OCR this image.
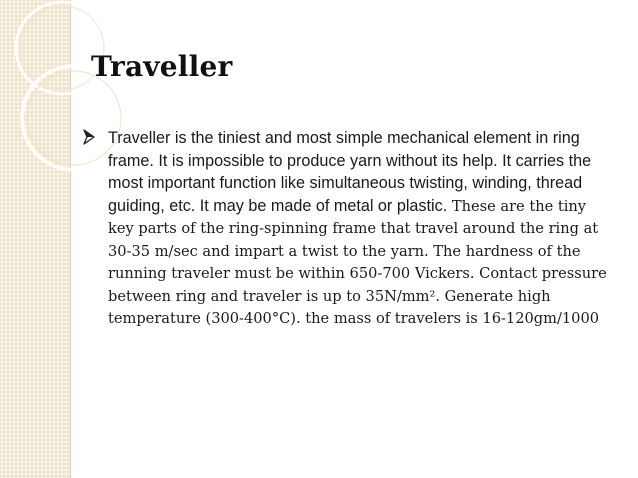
Traveller

Traveller is the tiniest and most simple mechanical element in ring frame. It is impossible to produce yarn without its help. It carries the most important function like simultaneous twisting, winding, thread guiding, etc. It may be made of metal or plastic. These are the tiny key parts of the ring-spinning frame that travel around the ring at 30-35 m/sec and impart a twist to the yarn. The hardness of the running traveler must be within 650-700 Vickers. Contact pressure between ring and traveler is up to 35N/mm². Generate high temperature (300-400°C). the mass of travelers is 16-120gm/1000
